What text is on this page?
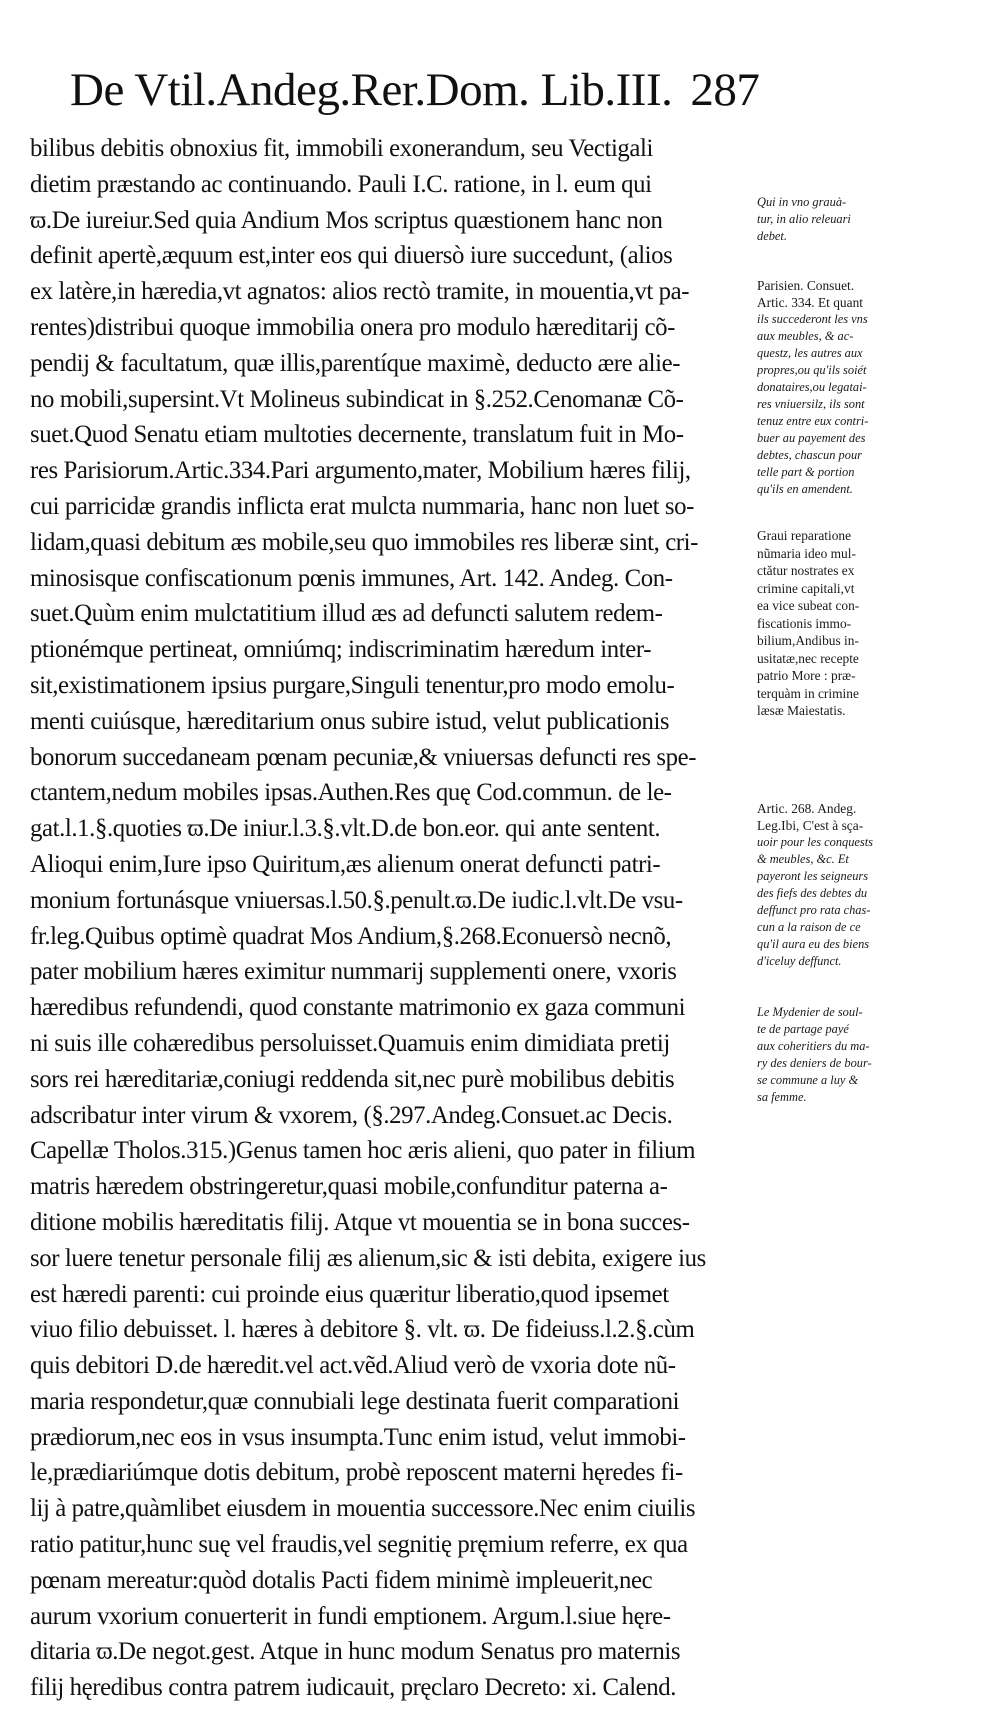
De Vtil.Andeg.Rer.Dom. Lib.III. 287
bilibus debitis obnoxius fit, immobili exonerandum, seu Vectigali
dietim præstando ac continuando. Pauli I.C. ratione, in l. eum qui
ϖ.De iureiur.Sed quia Andium Mos scriptus quæstionem hanc non
definit apertè,æquum est,inter eos qui diuersò iure succedunt, (alios
ex latère,in hæredia,vt agnatos: alios rectò tramite, in mouentia,vt pa-
rentes)distribui quoque immobilia onera pro modulo hæreditarij cõ-
pendij & facultatum, quæ illis,parentíque maximè, deducto ære alie-
no mobili,supersint.Vt Molineus subindicat in §.252.Cenomanæ Cõ-
suet.Quod Senatu etiam multoties decernente, translatum fuit in Mo-
res Parisiorum.Artic.334.Pari argumento,mater, Mobilium hæres filij,
cui parricidæ grandis inflicta erat mulcta nummaria, hanc non luet so-
lidam,quasi debitum æs mobile,seu quo immobiles res liberæ sint, cri-
minosisque confiscationum pœnis immunes, Art. 142. Andeg. Con-
suet.Quùm enim mulctatitium illud æs ad defuncti salutem redem-
ptionémque pertineat, omniúmq; indiscriminatim hæredum inter-
sit,existimationem ipsius purgare,Singuli tenentur,pro modo emolu-
menti cuiúsque, hæreditarium onus subire istud, velut publicationis
bonorum succedaneam pœnam pecuniæ,& vniuersas defuncti res spe-
ctantem,nedum mobiles ipsas.Authen.Res quę Cod.commun. de le-
gat.l.1.§.quoties ϖ.De iniur.l.3.§.vlt.D.de bon.eor. qui ante sentent.
Alioqui enim,Iure ipso Quiritum,æs alienum onerat defuncti patri-
monium fortunásque vniuersas.l.50.§.penult.ϖ.De iudic.l.vlt.De vsu-
fr.leg.Quibus optimè quadrat Mos Andium,§.268.Econuersò necnõ,
pater mobilium hæres eximitur nummarij supplementi onere, vxoris
hæredibus refundendi, quod constante matrimonio ex gaza communi
ni suis ille cohæredibus persoluisset.Quamuis enim dimidiata pretij
sors rei hæreditariæ,coniugi reddenda sit,nec purè mobilibus debitis
adscribatur inter virum & vxorem, (§.297.Andeg.Consuet.ac Decis.
Capellæ Tholos.315.)Genus tamen hoc æris alieni, quo pater in filium
matris hæredem obstringeretur,quasi mobile,confunditur paterna a-
ditione mobilis hæreditatis filij. Atque vt mouentia se in bona succes-
sor luere tenetur personale filij æs alienum,sic & isti debita, exigere ius
est hæredi parenti: cui proinde eius quæritur liberatio,quod ipsemet
viuo filio debuisset. l. hæres à debitore §. vlt. ϖ. De fideiuss.l.2.§.cùm
quis debitori D.de hæredit.vel act.vẽd.Aliud verò de vxoria dote nũ-
maria respondetur,quæ connubiali lege destinata fuerit comparationi
prædiorum,nec eos in vsus insumpta.Tunc enim istud, velut immobi-
le,prædiariúmque dotis debitum, probè reposcent materni hęredes fi-
lij à patre,quàmlibet eiusdem in mouentia successore.Nec enim ciuilis
ratio patitur,hunc suę vel fraudis,vel segnitię pręmium referre, ex qua
pœnam mereatur:quòd dotalis Pacti fidem minimè impleuerit,nec
aurum vxorium conuerterit in fundi emptionem. Argum.l.siue hęre-
ditaria ϖ.De negot.gest. Atque in hunc modum Senatus pro maternis
filij hęredibus contra patrem iudicauit, pręclaro Decreto: xi. Calend.
Qui in vno grauà-
tur, in alio releuari
debet.
Parisien. Consuet.
Artic. 334. Et quant
ils succederont les vns
aux meubles, & ac-
questz, les autres aux
propres,ou qu'ils soiét
donataires,ou legatai-
res vniuersilz, ils sont
tenuz entre eux contri-
buer au payement des
debtes, chascun pour
telle part & portion
qu'ils en amendent.
Graui reparatione
nũmaria ideo mul-
ctătur nostrates ex
crimine capitali,vt
ea vice subeat con-
fiscationis immo-
bilium,Andibus in-
usitatæ,nec recepte
patrio More : præ-
terquàm in crimine
læsæ Maiestatis.
Artic. 268. Andeg.
Leg.Ibi, C'est à sça-
uoir pour les conquests
& meubles, &c. Et
payeront les seigneurs
des fiefs des debtes du
deffunct pro rata chas-
cun a la raison de ce
qu'il aura eu des biens
d'iceluy deffunct.
Le Mydenier de soul-
te de partage payé
aux coheritiers du ma-
ry des deniers de bour-
se commune a luy &
sa femme.
